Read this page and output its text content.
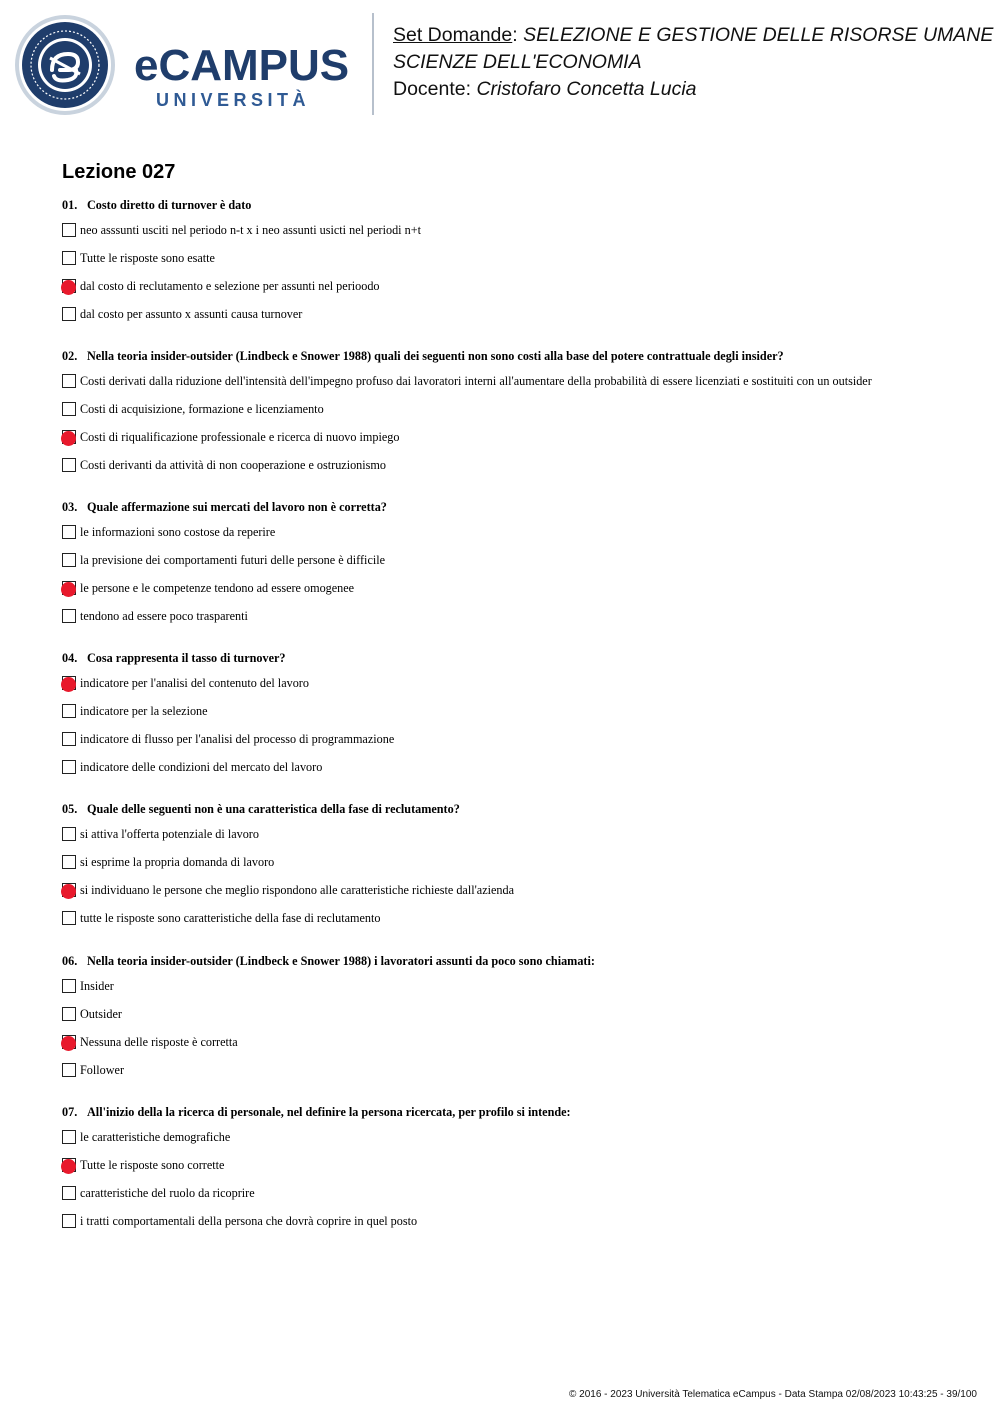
eCAMPUS
UNIVERSITÀ
Set Domande: SELEZIONE E GESTIONE DELLE RISORSE UMANE
SCIENZE DELL'ECONOMIA
Docente: Cristofaro Concetta Lucia
Lezione 027
01. Costo diretto di turnover è dato
neo asssunti usciti nel periodo n-t x i neo assunti usicti nel periodi n+t
Tutte le risposte sono esatte
dal costo di reclutamento e selezione per assunti nel perioodo
dal costo per assunto x assunti causa turnover
02. Nella teoria insider-outsider (Lindbeck e Snower 1988) quali dei seguenti non sono costi alla base del potere contrattuale degli insider?
Costi derivati dalla riduzione dell'intensità dell'impegno profuso dai lavoratori interni all'aumentare della probabilità di essere licenziati e sostituiti con un outsider
Costi di acquisizione, formazione e licenziamento
Costi di riqualificazione professionale e ricerca di nuovo impiego
Costi derivanti da attività di non cooperazione e ostruzionismo
03. Quale affermazione sui mercati del lavoro non è corretta?
le informazioni sono costose da reperire
la previsione dei comportamenti futuri delle persone è difficile
le persone e le competenze tendono ad essere omogenee
tendono ad essere poco trasparenti
04. Cosa rappresenta il tasso di turnover?
indicatore per l'analisi del contenuto del lavoro
indicatore per la selezione
indicatore di flusso per l'analisi del processo di programmazione
indicatore delle condizioni del mercato del lavoro
05. Quale delle seguenti non è una caratteristica della fase di reclutamento?
si attiva l'offerta potenziale di lavoro
si esprime la propria domanda di lavoro
si individuano le persone che meglio rispondono alle caratteristiche richieste dall'azienda
tutte le risposte sono caratteristiche della fase di reclutamento
06. Nella teoria insider-outsider (Lindbeck e Snower 1988) i lavoratori assunti da poco sono chiamati:
Insider
Outsider
Nessuna delle risposte è corretta
Follower
07. All'inizio della la ricerca di personale, nel definire la persona ricercata, per profilo si intende:
le caratteristiche demografiche
Tutte le risposte sono corrette
caratteristiche del ruolo da ricoprire
i tratti comportamentali della persona che dovrà coprire in quel posto
© 2016 - 2023 Università Telematica eCampus - Data Stampa 02/08/2023 10:43:25 - 39/100
